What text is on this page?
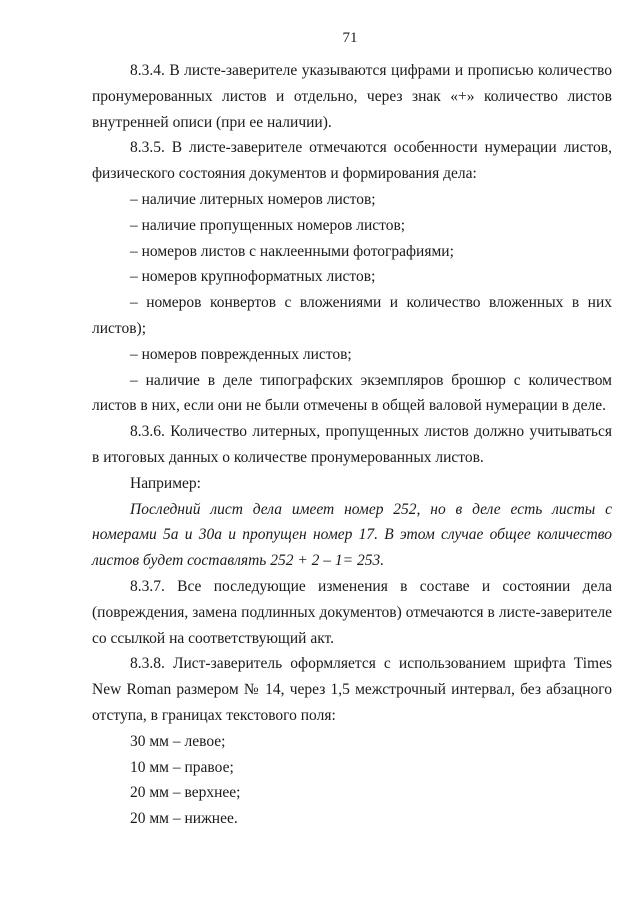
71

8.3.4. В листе-заверителе указываются цифрами и прописью количество пронумерованных листов и отдельно, через знак «+» количество листов внутренней описи (при ее наличии).

8.3.5. В листе-заверителе отмечаются особенности нумерации листов, физического состояния документов и формирования дела:

– наличие литерных номеров листов;

– наличие пропущенных номеров листов;

– номеров листов с наклеенными фотографиями;

– номеров крупноформатных листов;

– номеров конвертов с вложениями и количество вложенных в них листов);

– номеров поврежденных листов;

– наличие в деле типографских экземпляров брошюр с количеством листов в них, если они не были отмечены в общей валовой нумерации в деле.

8.3.6. Количество литерных, пропущенных листов должно учитываться в итоговых данных о количестве пронумерованных листов.

Например:

Последний лист дела имеет номер 252, но в деле есть листы с номерами 5а и 30а и пропущен номер 17. В этом случае общее количество листов будет составлять 252 + 2 – 1= 253.

8.3.7. Все последующие изменения в составе и состоянии дела (повреждения, замена подлинных документов) отмечаются в листе-заверителе со ссылкой на соответствующий акт.

8.3.8. Лист-заверитель оформляется с использованием шрифта Times New Roman размером № 14, через 1,5 межстрочный интервал, без абзацного отступа, в границах текстового поля:

30 мм – левое;

10 мм – правое;

20 мм – верхнее;

20 мм – нижнее.
